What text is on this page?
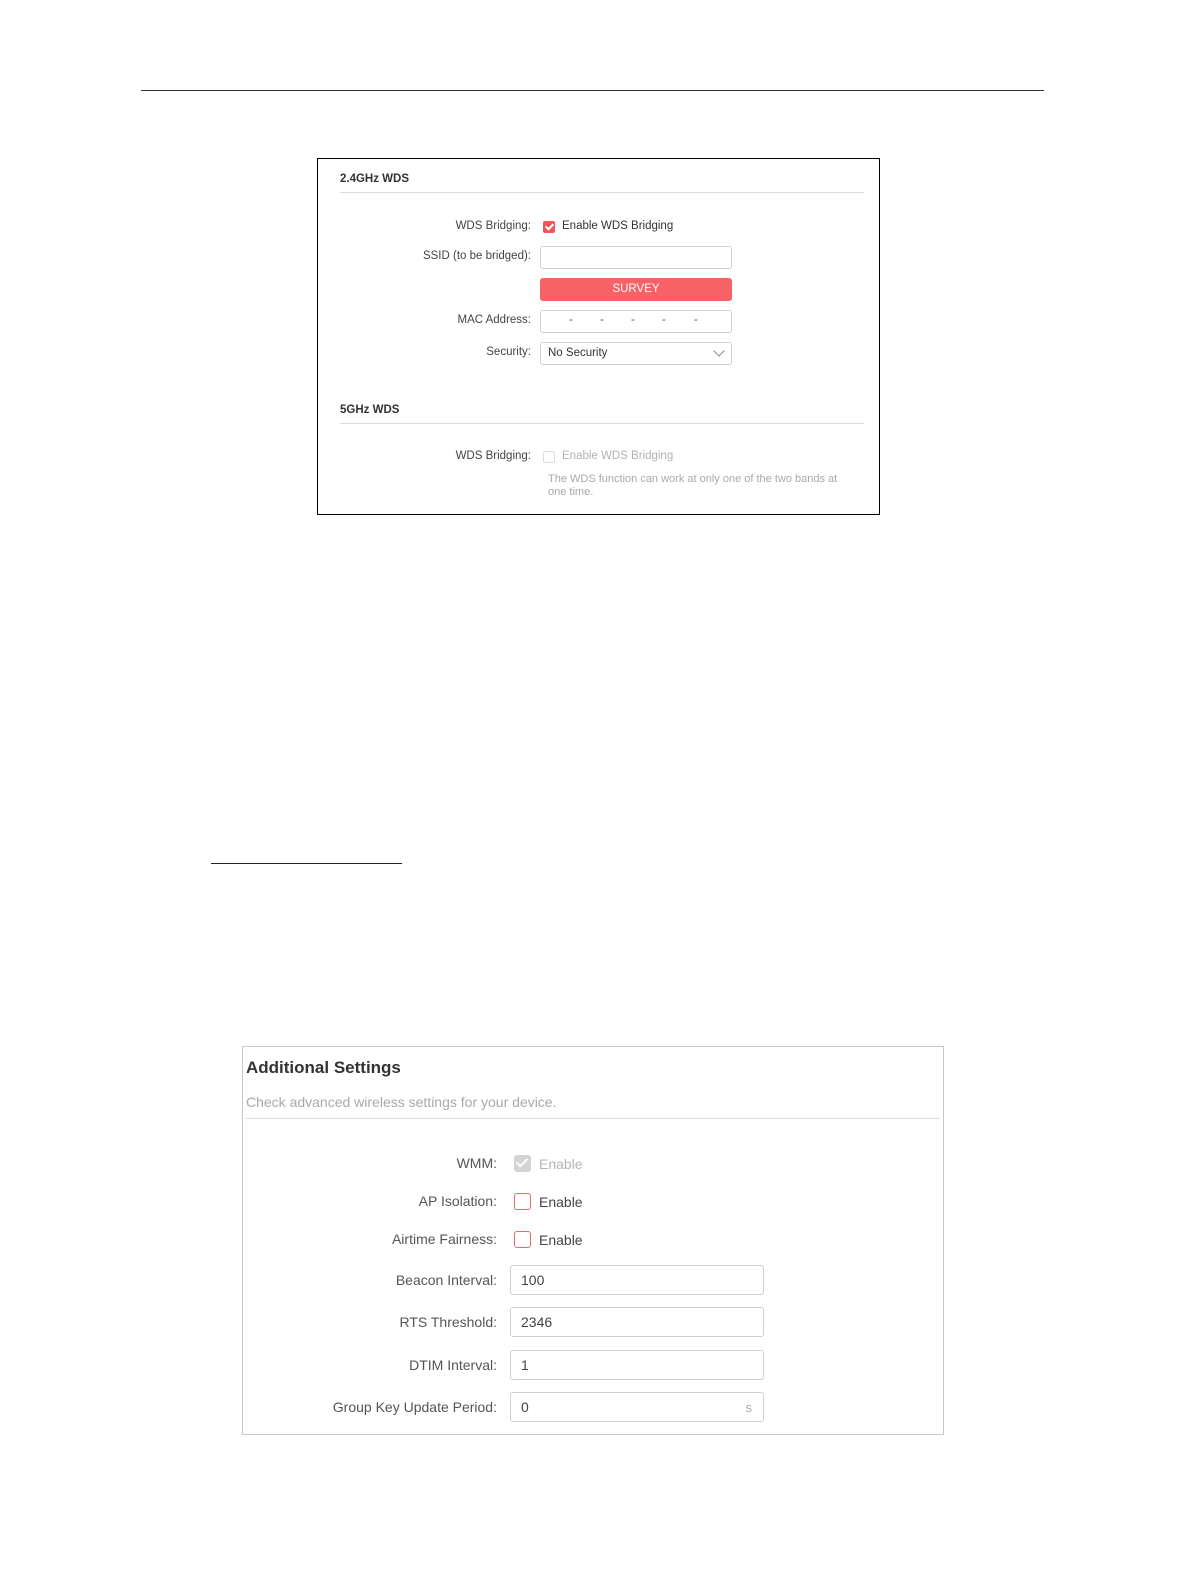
2.4GHz WDS
WDS Bridging:	Enable WDS Bridging
SSID (to be bridged):
SURVEY
MAC Address:	- - - - -
Security: No Security
5GHz WDS
WDS Bridging:	Enable WDS Bridging
The WDS function can work at only one of the two bands at one time.
Additional Settings
Check advanced wireless settings for your device.
WMM:	Enable
AP Isolation:	Enable
Airtime Fairness:	Enable
Beacon Interval: 100
RTS Threshold: 2346
DTIM Interval: 1
Group Key Update Period: 0	s
